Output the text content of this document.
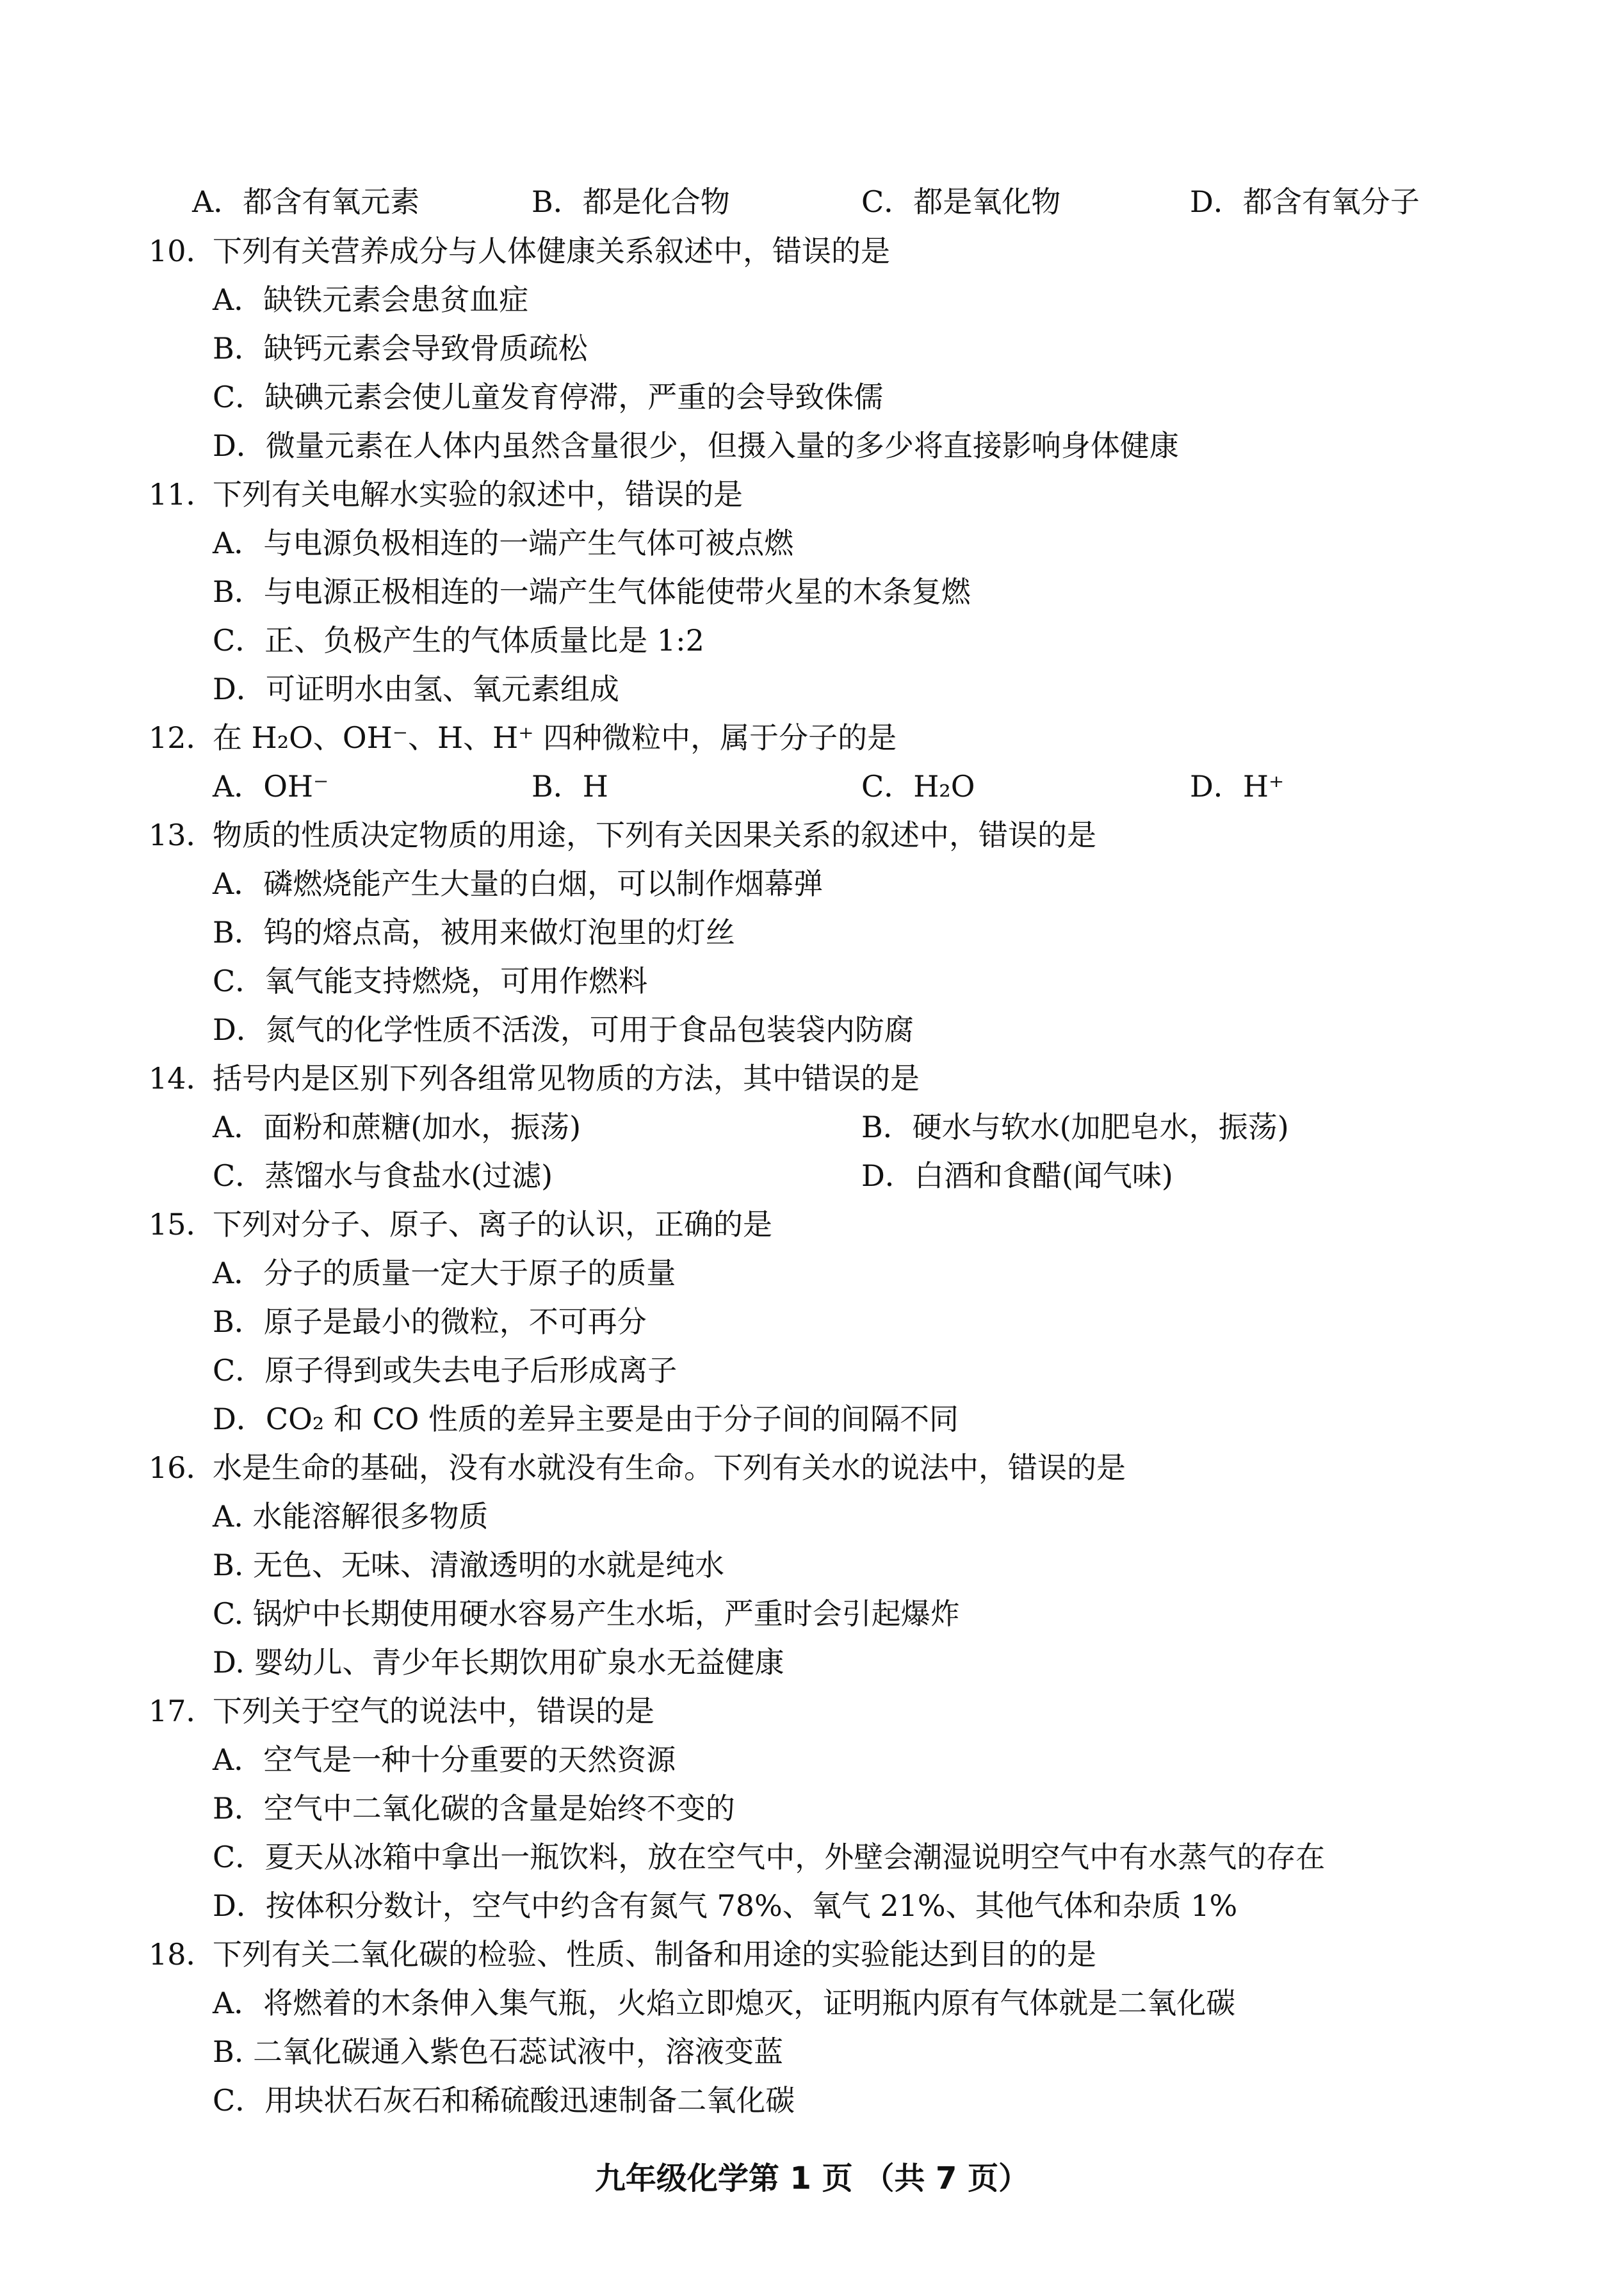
A．都含有氧元素	B．都是化合物	C．都是氧化物	D．都含有氧分子
10．
下列有关营养成分与人体健康关系叙述中，错误的是
A．缺铁元素会患贫血症
B．缺钙元素会导致骨质疏松
C．缺碘元素会使儿童发育停滞，严重的会导致侏儒
D．微量元素在人体内虽然含量很少，但摄入量的多少将直接影响身体健康
11．
下列有关电解水实验的叙述中，错误的是
A．与电源负极相连的一端产生气体可被点燃
B．与电源正极相连的一端产生气体能使带火星的木条复燃
C．正、负极产生的气体质量比是 1:2
D．可证明水由氢、氧元素组成
12．
在 H₂O、OH⁻、H、H⁺ 四种微粒中，属于分子的是
A．OH⁻	B．H	C．H₂O	D．H⁺
13．
物质的性质决定物质的用途，下列有关因果关系的叙述中，错误的是
A．磷燃烧能产生大量的白烟，可以制作烟幕弹
B．钨的熔点高，被用来做灯泡里的灯丝
C．氧气能支持燃烧，可用作燃料
D．氮气的化学性质不活泼，可用于食品包装袋内防腐
14．
括号内是区别下列各组常见物质的方法，其中错误的是
A．面粉和蔗糖(加水，振荡)	B．硬水与软水(加肥皂水，振荡)
C．蒸馏水与食盐水(过滤)	D．白酒和食醋(闻气味)
15．
下列对分子、原子、离子的认识，正确的是
A．分子的质量一定大于原子的质量
B．原子是最小的微粒，不可再分
C．原子得到或失去电子后形成离子
D．CO₂ 和 CO 性质的差异主要是由于分子间的间隔不同
16．
水是生命的基础，没有水就没有生命。下列有关水的说法中，错误的是
A. 水能溶解很多物质
B. 无色、无味、清澈透明的水就是纯水
C. 锅炉中长期使用硬水容易产生水垢，严重时会引起爆炸
D. 婴幼儿、青少年长期饮用矿泉水无益健康
17．
下列关于空气的说法中，错误的是
A．空气是一种十分重要的天然资源
B．空气中二氧化碳的含量是始终不变的
C．夏天从冰箱中拿出一瓶饮料，放在空气中，外壁会潮湿说明空气中有水蒸气的存在
D．按体积分数计，空气中约含有氮气 78%、氧气 21%、其他气体和杂质 1%
18．
下列有关二氧化碳的检验、性质、制备和用途的实验能达到目的的是
A．将燃着的木条伸入集气瓶，火焰立即熄灭，证明瓶内原有气体就是二氧化碳
B. 二氧化碳通入紫色石蕊试液中，溶液变蓝
C．用块状石灰石和稀硫酸迅速制备二氧化碳
九年级化学第 1 页 （共 7 页）
